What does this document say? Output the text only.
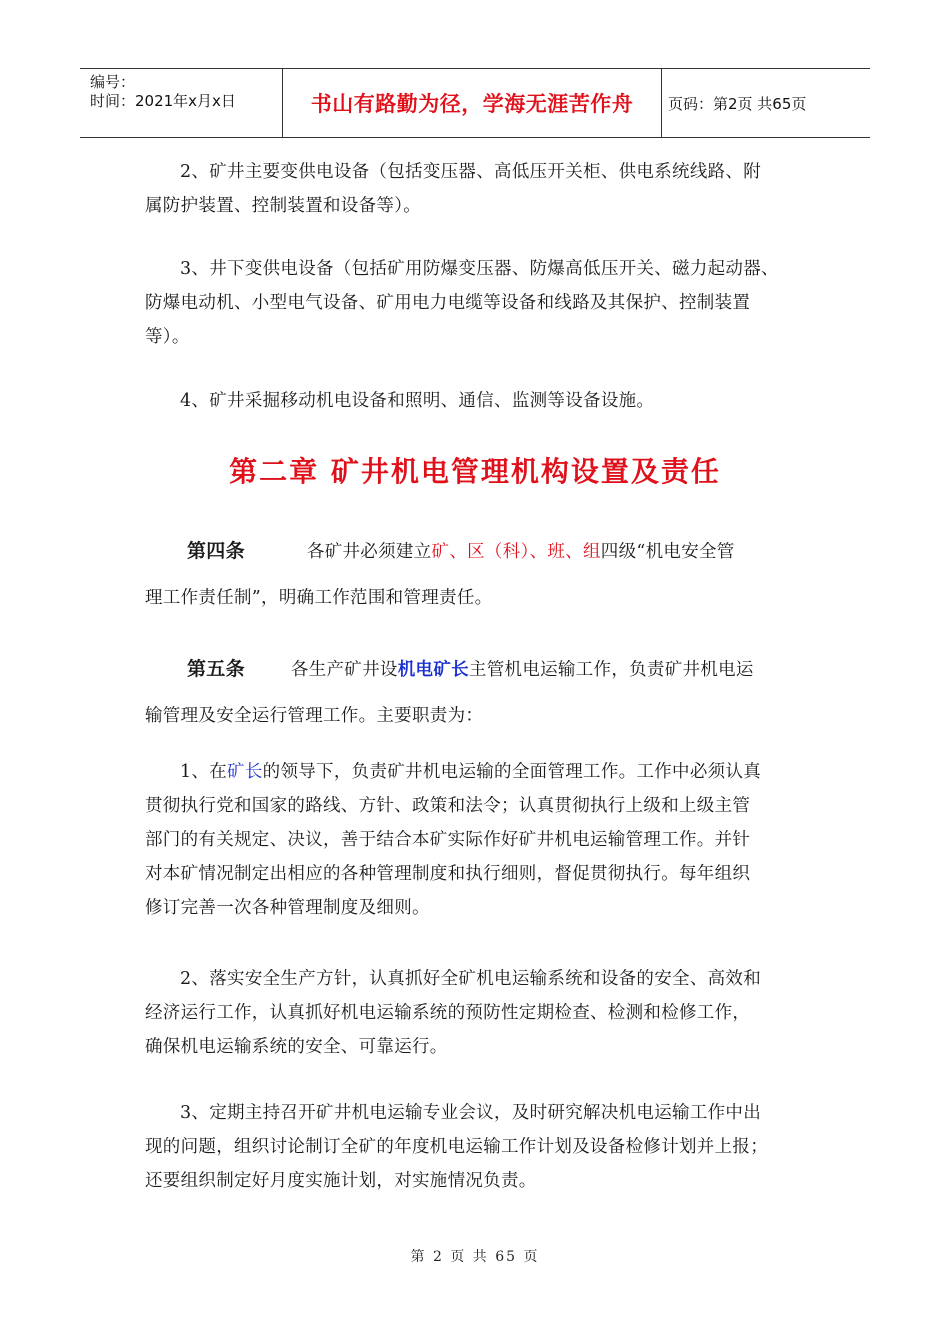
编号：
时间：2021年x月x日	书山有路勤为径，学海无涯苦作舟	页码：第2页 共65页

2、矿井主要变供电设备（包括变压器、高低压开关柜、供电系统线路、附

属防护装置、控制装置和设备等）。

3、井下变供电设备（包括矿用防爆变压器、防爆高低压开关、磁力起动器、

防爆电动机、小型电气设备、矿用电力电缆等设备和线路及其保护、控制装置

等）。

4、矿井采掘移动机电设备和照明、通信、监测等设备设施。

第二章 矿井机电管理机构设置及责任

第四条	各矿井必须建立矿、区（科）、班、组四级“机电安全管

理工作责任制”，明确工作范围和管理责任。

第五条	各生产矿井设机电矿长主管机电运输工作，负责矿井机电运

输管理及安全运行管理工作。主要职责为：

1、在矿长的领导下，负责矿井机电运输的全面管理工作。工作中必须认真

贯彻执行党和国家的路线、方针、政策和法令；认真贯彻执行上级和上级主管

部门的有关规定、决议，善于结合本矿实际作好矿井机电运输管理工作。并针

对本矿情况制定出相应的各种管理制度和执行细则，督促贯彻执行。每年组织

修订完善一次各种管理制度及细则。

2、落实安全生产方针，认真抓好全矿机电运输系统和设备的安全、高效和

经济运行工作，认真抓好机电运输系统的预防性定期检查、检测和检修工作，

确保机电运输系统的安全、可靠运行。

3、定期主持召开矿井机电运输专业会议，及时研究解决机电运输工作中出

现的问题，组织讨论制订全矿的年度机电运输工作计划及设备检修计划并上报；

还要组织制定好月度实施计划，对实施情况负责。

第 2 页 共 65 页
